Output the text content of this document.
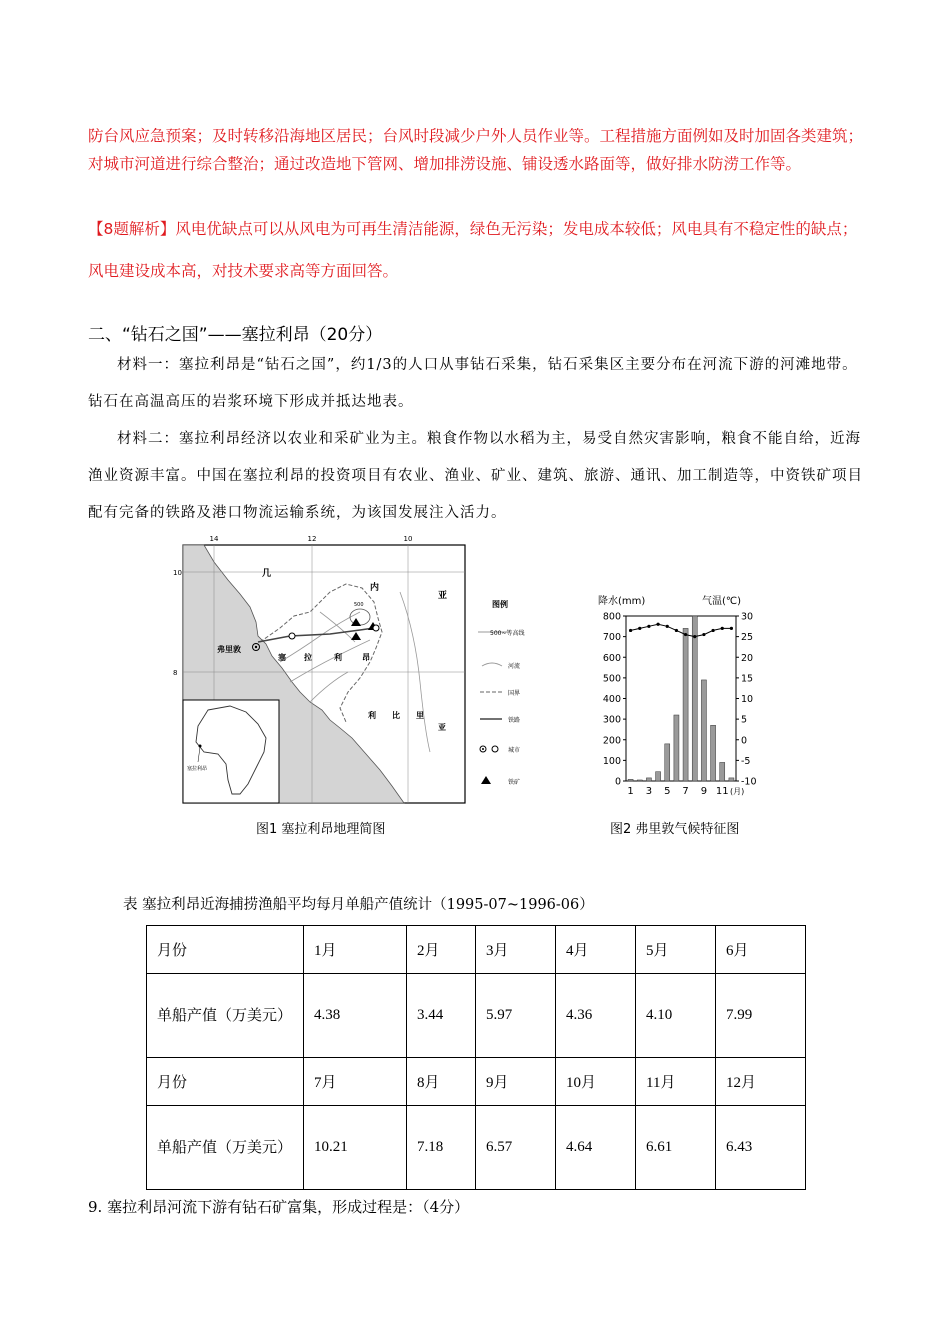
防台风应急预案；及时转移沿海地区居民；台风时段减少户外人员作业等。工程措施方面例如及时加固各类建筑；对城市河道进行综合整治；通过改造地下管网、增加排涝设施、铺设透水路面等，做好排水防涝工作等。
【8题解析】风电优缺点可以从风电为可再生清洁能源，绿色无污染；发电成本较低；风电具有不稳定性的缺点；风电建设成本高，对技术要求高等方面回答。
二、“钻石之国”——塞拉利昂（20分）
材料一：塞拉利昂是“钻石之国”，约1/3的人口从事钻石采集，钻石采集区主要分布在河流下游的河滩地带。钻石在高温高压的岩浆环境下形成并抵达地表。
材料二：塞拉利昂经济以农业和采矿业为主。粮食作物以水稻为主，易受自然灾害影响，粮食不能自给，近海渔业资源丰富。中国在塞拉利昂的投资项目有农业、渔业、矿业、建筑、旅游、通讯、加工制造等，中资铁矿项目配有完备的铁路及港口物流运输系统，为该国发展注入活力。
14	12	10
10
8
几
内
亚
塞 拉	利	昂
利 比 里
亚
弗里敦
500	图例
500~等高线
河流
国界
铁路
城市
铁矿
塞拉利昂
图1 塞拉利昂地理简图
降水(mm)	气温(℃)
0
100
200
300
400
500
600
700
800
-10
-5
0
5
10
15
20
25
30
1 3 5 7 9 11 (月)
图2 弗里敦气候特征图
表 塞拉利昂近海捕捞渔船平均每月单船产值统计（1995-07~1996-06）
月份	1月	2月	3月	4月	5月	6月
单船产值（万美元）	4.38	3.44	5.97	4.36	4.10	7.99
月份	7月	8月	9月	10月	11月	12月
单船产值（万美元）	10.21	7.18	6.57	4.64	6.61	6.43
9. 塞拉利昂河流下游有钻石矿富集，形成过程是：（4分）
